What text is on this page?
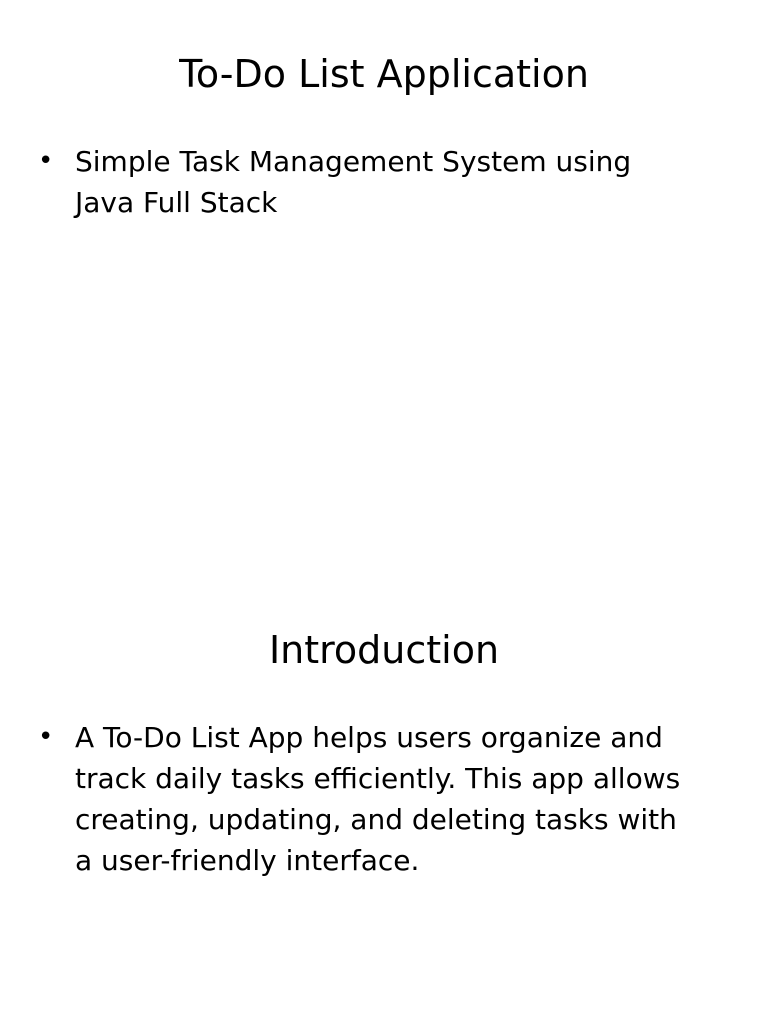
To-Do List Application
• Simple Task Management System using Java Full Stack
Introduction
• A To-Do List App helps users organize and track daily tasks efficiently. This app allows creating, updating, and deleting tasks with a user-friendly interface.
